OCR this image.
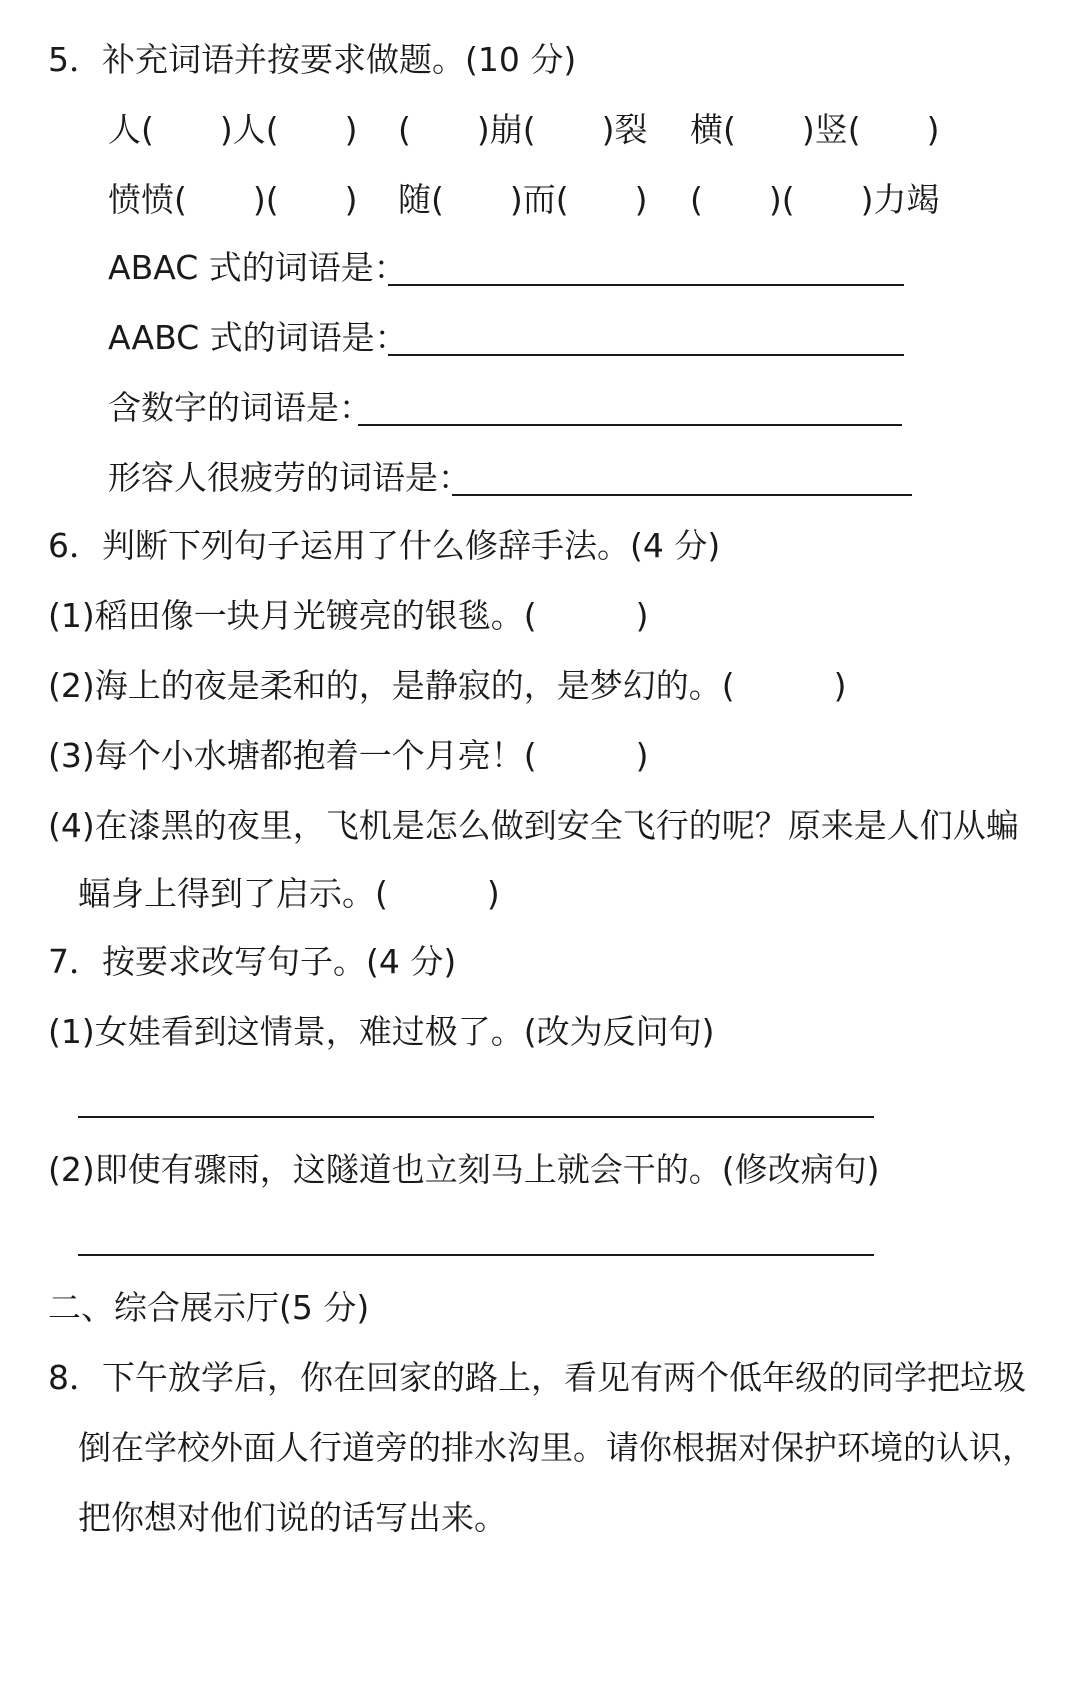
5．补充词语并按要求做题。(10 分)
人(　　)人(　　) (　　)崩(　　)裂 横(　　)竖(　　)
愤愤(　　)(　　) 随(　　)而(　　) (　　)(　　)力竭
ABAC 式的词语是：
AABC 式的词语是：
含数字的词语是：
形容人很疲劳的词语是：
6．判断下列句子运用了什么修辞手法。(4 分)
(1)稻田像一块月光镀亮的银毯。(　　　)
(2)海上的夜是柔和的，是静寂的，是梦幻的。(　　　)
(3)每个小水塘都抱着一个月亮！(　　　)
(4)在漆黑的夜里，飞机是怎么做到安全飞行的呢？原来是人们从蝙
蝠身上得到了启示。(　　　)
7．按要求改写句子。(4 分)
(1)女娃看到这情景，难过极了。(改为反问句)
(2)即使有骤雨，这隧道也立刻马上就会干的。(修改病句)
二、综合展示厅(5 分)
8．下午放学后，你在回家的路上，看见有两个低年级的同学把垃圾
倒在学校外面人行道旁的排水沟里。请你根据对保护环境的认识，
把你想对他们说的话写出来。
